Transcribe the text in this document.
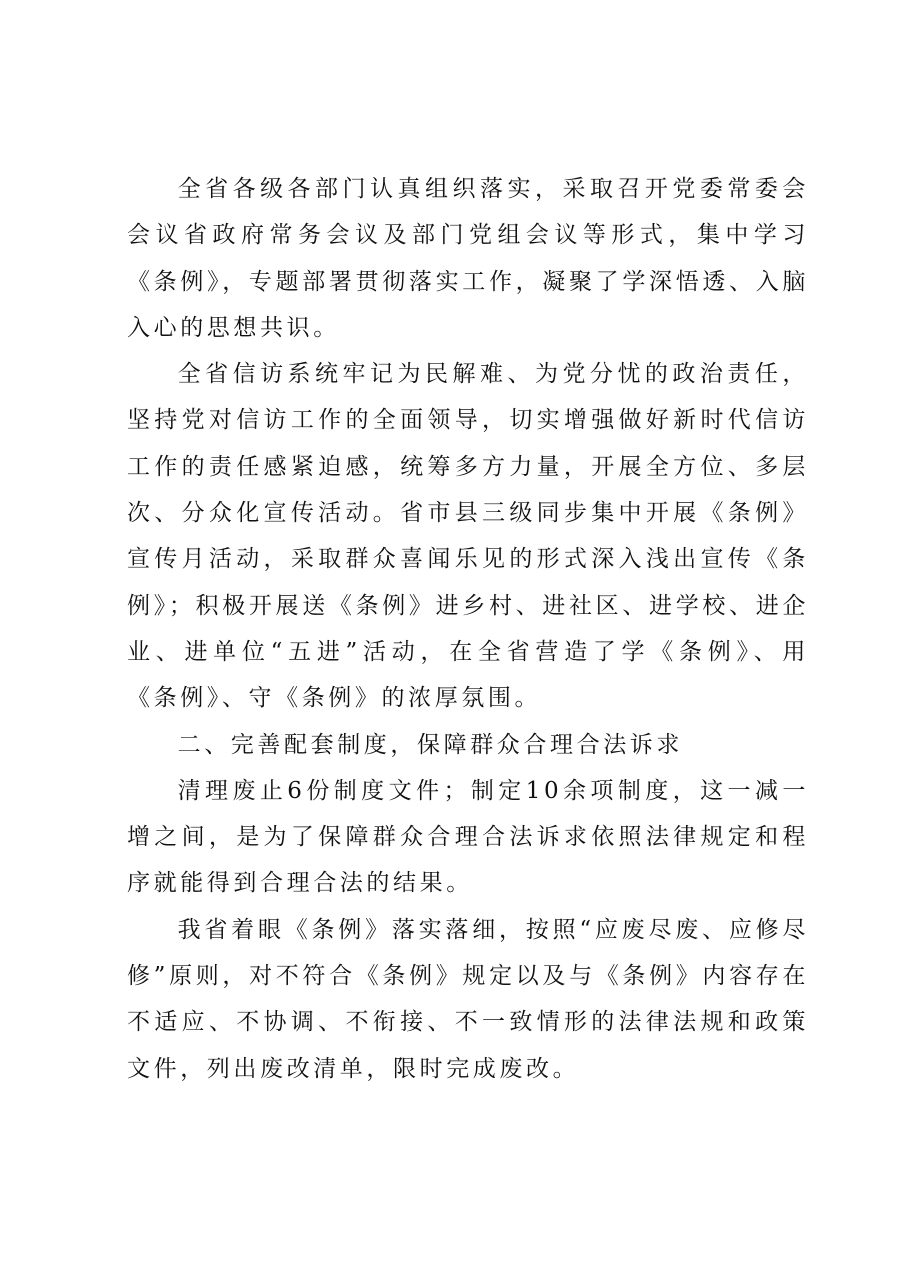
全省各级各部门认真组织落实，采取召开党委常委会会议省政府常务会议及部门党组会议等形式，集中学习《条例》，专题部署贯彻落实工作，凝聚了学深悟透、入脑入心的思想共识。

全省信访系统牢记为民解难、为党分忧的政治责任，坚持党对信访工作的全面领导，切实增强做好新时代信访工作的责任感紧迫感，统筹多方力量，开展全方位、多层次、分众化宣传活动。省市县三级同步集中开展《条例》宣传月活动，采取群众喜闻乐见的形式深入浅出宣传《条例》；积极开展送《条例》进乡村、进社区、进学校、进企业、进单位“五进”活动，在全省营造了学《条例》、用《条例》、守《条例》的浓厚氛围。

二、完善配套制度，保障群众合理合法诉求

清理废止6份制度文件；制定10余项制度，这一减一增之间，是为了保障群众合理合法诉求依照法律规定和程序就能得到合理合法的结果。

我省着眼《条例》落实落细，按照“应废尽废、应修尽修”原则，对不符合《条例》规定以及与《条例》内容存在不适应、不协调、不衔接、不一致情形的法律法规和政策文件，列出废改清单，限时完成废改。
